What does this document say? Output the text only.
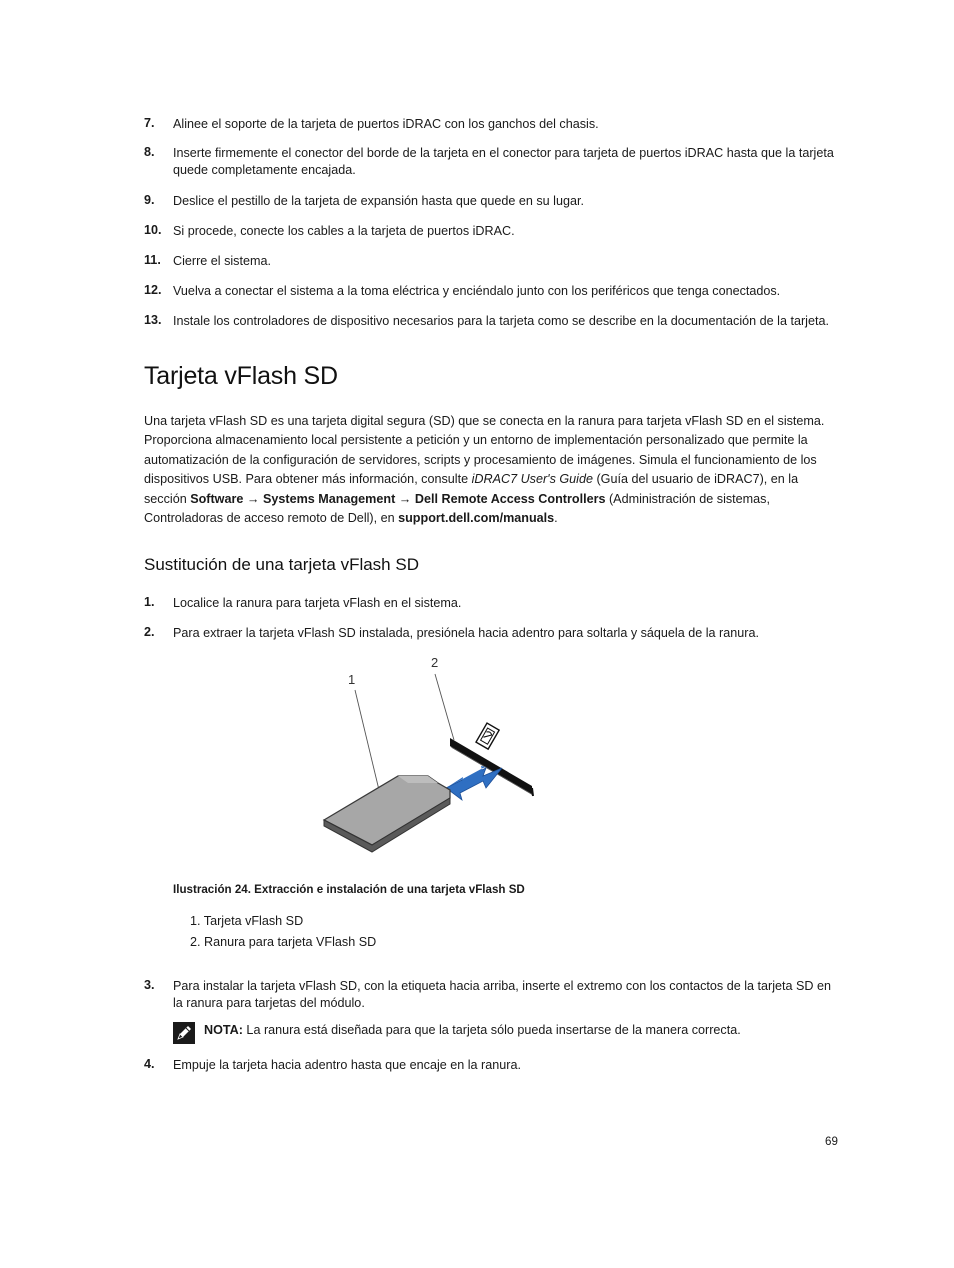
7. Alinee el soporte de la tarjeta de puertos iDRAC con los ganchos del chasis.
8. Inserte firmemente el conector del borde de la tarjeta en el conector para tarjeta de puertos iDRAC hasta que la tarjeta quede completamente encajada.
9. Deslice el pestillo de la tarjeta de expansión hasta que quede en su lugar.
10. Si procede, conecte los cables a la tarjeta de puertos iDRAC.
11. Cierre el sistema.
12. Vuelva a conectar el sistema a la toma eléctrica y enciéndalo junto con los periféricos que tenga conectados.
13. Instale los controladores de dispositivo necesarios para la tarjeta como se describe en la documentación de la tarjeta.
Tarjeta vFlash SD
Una tarjeta vFlash SD es una tarjeta digital segura (SD) que se conecta en la ranura para tarjeta vFlash SD en el sistema. Proporciona almacenamiento local persistente a petición y un entorno de implementación personalizado que permite la automatización de la configuración de servidores, scripts y procesamiento de imágenes. Simula el funcionamiento de los dispositivos USB. Para obtener más información, consulte iDRAC7 User's Guide (Guía del usuario de iDRAC7), en la sección Software → Systems Management → Dell Remote Access Controllers (Administración de sistemas, Controladoras de acceso remoto de Dell), en support.dell.com/manuals.
Sustitución de una tarjeta vFlash SD
1. Localice la ranura para tarjeta vFlash en el sistema.
2. Para extraer la tarjeta vFlash SD instalada, presiónela hacia adentro para soltarla y sáquela de la ranura.
1
2
Ilustración 24. Extracción e instalación de una tarjeta vFlash SD
1. Tarjeta vFlash SD
2. Ranura para tarjeta VFlash SD
3. Para instalar la tarjeta vFlash SD, con la etiqueta hacia arriba, inserte el extremo con los contactos de la tarjeta SD en la ranura para tarjetas del módulo.
NOTA: La ranura está diseñada para que la tarjeta sólo pueda insertarse de la manera correcta.
4. Empuje la tarjeta hacia adentro hasta que encaje en la ranura.
69
